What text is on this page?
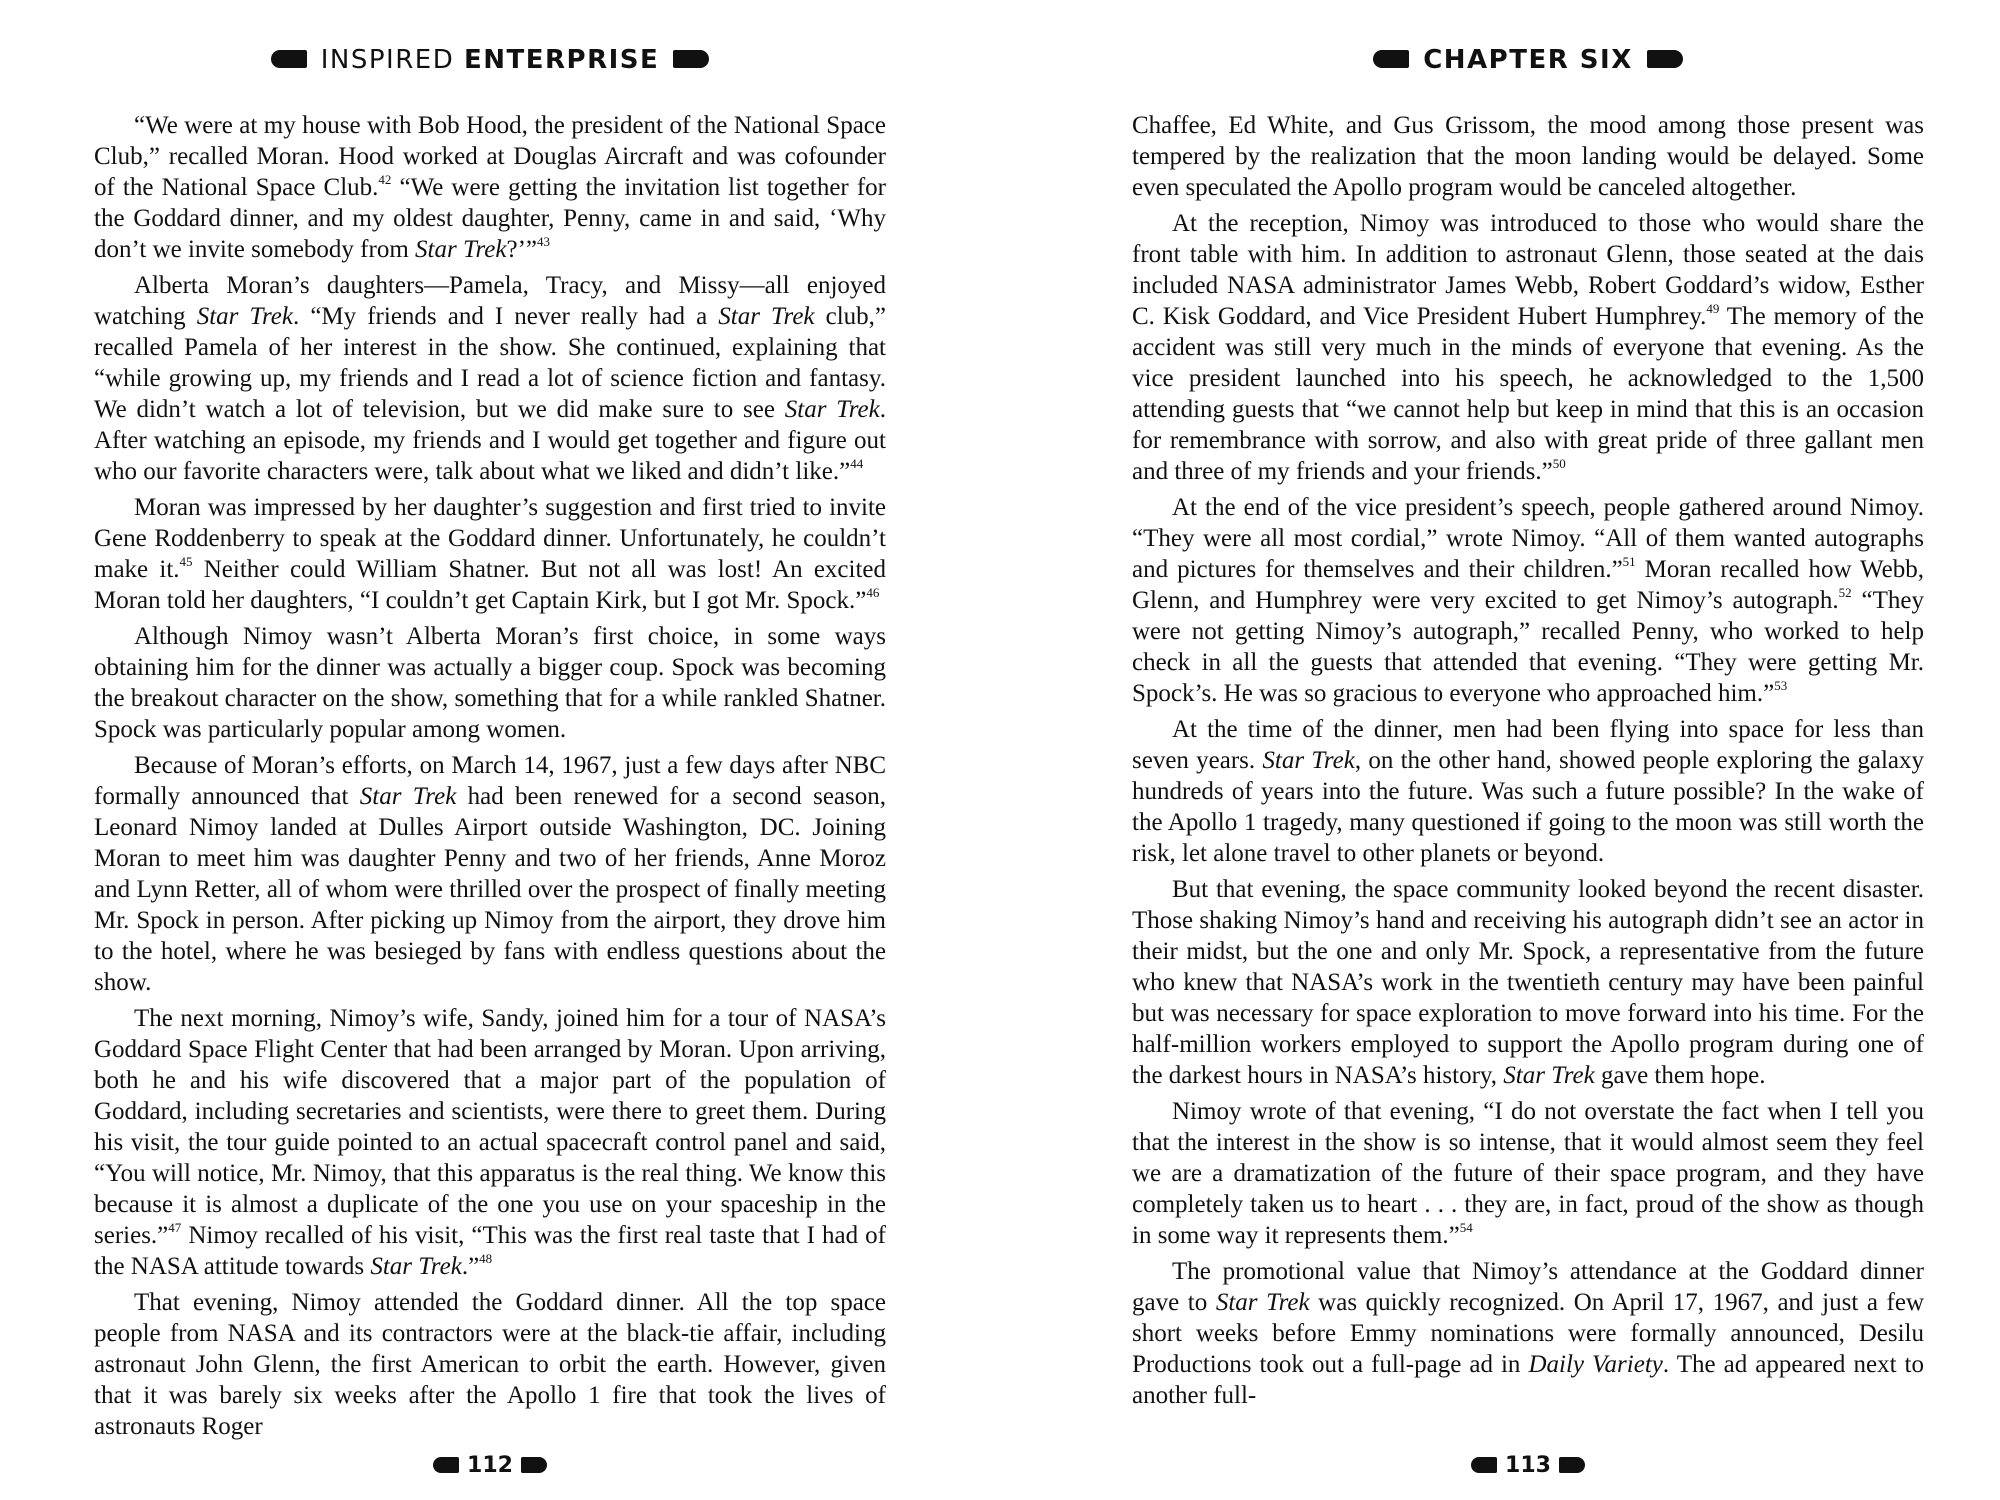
INSPIRED ENTERPRISE

“We were at my house with Bob Hood, the president of the National Space Club,” recalled Moran. Hood worked at Douglas Aircraft and was cofounder of the National Space Club.$^{42}$ “We were getting the invitation list together for the Goddard dinner, and my oldest daughter, Penny, came in and said, ‘Why don’t we invite somebody from Star Trek?’”$^{43}$

Alberta Moran’s daughters—Pamela, Tracy, and Missy—all enjoyed watching Star Trek. “My friends and I never really had a Star Trek club,” recalled Pamela of her interest in the show. She continued, explaining that “while growing up, my friends and I read a lot of science fiction and fantasy. We didn’t watch a lot of television, but we did make sure to see Star Trek. After watching an episode, my friends and I would get together and figure out who our favorite characters were, talk about what we liked and didn’t like.”$^{44}$

Moran was impressed by her daughter’s suggestion and first tried to invite Gene Roddenberry to speak at the Goddard dinner. Unfortunately, he couldn’t make it.$^{45}$ Neither could William Shatner. But not all was lost! An excited Moran told her daughters, “I couldn’t get Captain Kirk, but I got Mr. Spock.”$^{46}$

Although Nimoy wasn’t Alberta Moran’s first choice, in some ways obtaining him for the dinner was actually a bigger coup. Spock was becoming the breakout character on the show, something that for a while rankled Shatner. Spock was particularly popular among women.

Because of Moran’s efforts, on March 14, 1967, just a few days after NBC formally announced that Star Trek had been renewed for a second season, Leonard Nimoy landed at Dulles Airport outside Washington, DC. Joining Moran to meet him was daughter Penny and two of her friends, Anne Moroz and Lynn Retter, all of whom were thrilled over the prospect of finally meeting Mr. Spock in person. After picking up Nimoy from the airport, they drove him to the hotel, where he was besieged by fans with endless questions about the show.

The next morning, Nimoy’s wife, Sandy, joined him for a tour of NASA’s Goddard Space Flight Center that had been arranged by Moran. Upon arriving, both he and his wife discovered that a major part of the population of Goddard, including secretaries and scientists, were there to greet them. During his visit, the tour guide pointed to an actual spacecraft control panel and said, “You will notice, Mr. Nimoy, that this apparatus is the real thing. We know this because it is almost a duplicate of the one you use on your spaceship in the series.”$^{47}$ Nimoy recalled of his visit, “This was the first real taste that I had of the NASA attitude towards Star Trek.”$^{48}$

That evening, Nimoy attended the Goddard dinner. All the top space people from NASA and its contractors were at the black-tie affair, including astronaut John Glenn, the first American to orbit the earth. However, given that it was barely six weeks after the Apollo 1 fire that took the lives of astronauts Roger

112
CHAPTER SIX

Chaffee, Ed White, and Gus Grissom, the mood among those present was tempered by the realization that the moon landing would be delayed. Some even speculated the Apollo program would be canceled altogether.

At the reception, Nimoy was introduced to those who would share the front table with him. In addition to astronaut Glenn, those seated at the dais included NASA administrator James Webb, Robert Goddard’s widow, Esther C. Kisk Goddard, and Vice President Hubert Humphrey.$^{49}$ The memory of the accident was still very much in the minds of everyone that evening. As the vice president launched into his speech, he acknowledged to the 1,500 attending guests that “we cannot help but keep in mind that this is an occasion for remembrance with sorrow, and also with great pride of three gallant men and three of my friends and your friends.”$^{50}$

At the end of the vice president’s speech, people gathered around Nimoy. “They were all most cordial,” wrote Nimoy. “All of them wanted autographs and pictures for themselves and their children.”$^{51}$ Moran recalled how Webb, Glenn, and Humphrey were very excited to get Nimoy’s autograph.$^{52}$ “They were not getting Nimoy’s autograph,” recalled Penny, who worked to help check in all the guests that attended that evening. “They were getting Mr. Spock’s. He was so gracious to everyone who approached him.”$^{53}$

At the time of the dinner, men had been flying into space for less than seven years. Star Trek, on the other hand, showed people exploring the galaxy hundreds of years into the future. Was such a future possible? In the wake of the Apollo 1 tragedy, many questioned if going to the moon was still worth the risk, let alone travel to other planets or beyond.

But that evening, the space community looked beyond the recent disaster. Those shaking Nimoy’s hand and receiving his autograph didn’t see an actor in their midst, but the one and only Mr. Spock, a representative from the future who knew that NASA’s work in the twentieth century may have been painful but was necessary for space exploration to move forward into his time. For the half-million workers employed to support the Apollo program during one of the darkest hours in NASA’s history, Star Trek gave them hope.

Nimoy wrote of that evening, “I do not overstate the fact when I tell you that the interest in the show is so intense, that it would almost seem they feel we are a dramatization of the future of their space program, and they have completely taken us to heart . . . they are, in fact, proud of the show as though in some way it represents them.”$^{54}$

The promotional value that Nimoy’s attendance at the Goddard dinner gave to Star Trek was quickly recognized. On April 17, 1967, and just a few short weeks before Emmy nominations were formally announced, Desilu Productions took out a full-page ad in Daily Variety. The ad appeared next to another full-

113
